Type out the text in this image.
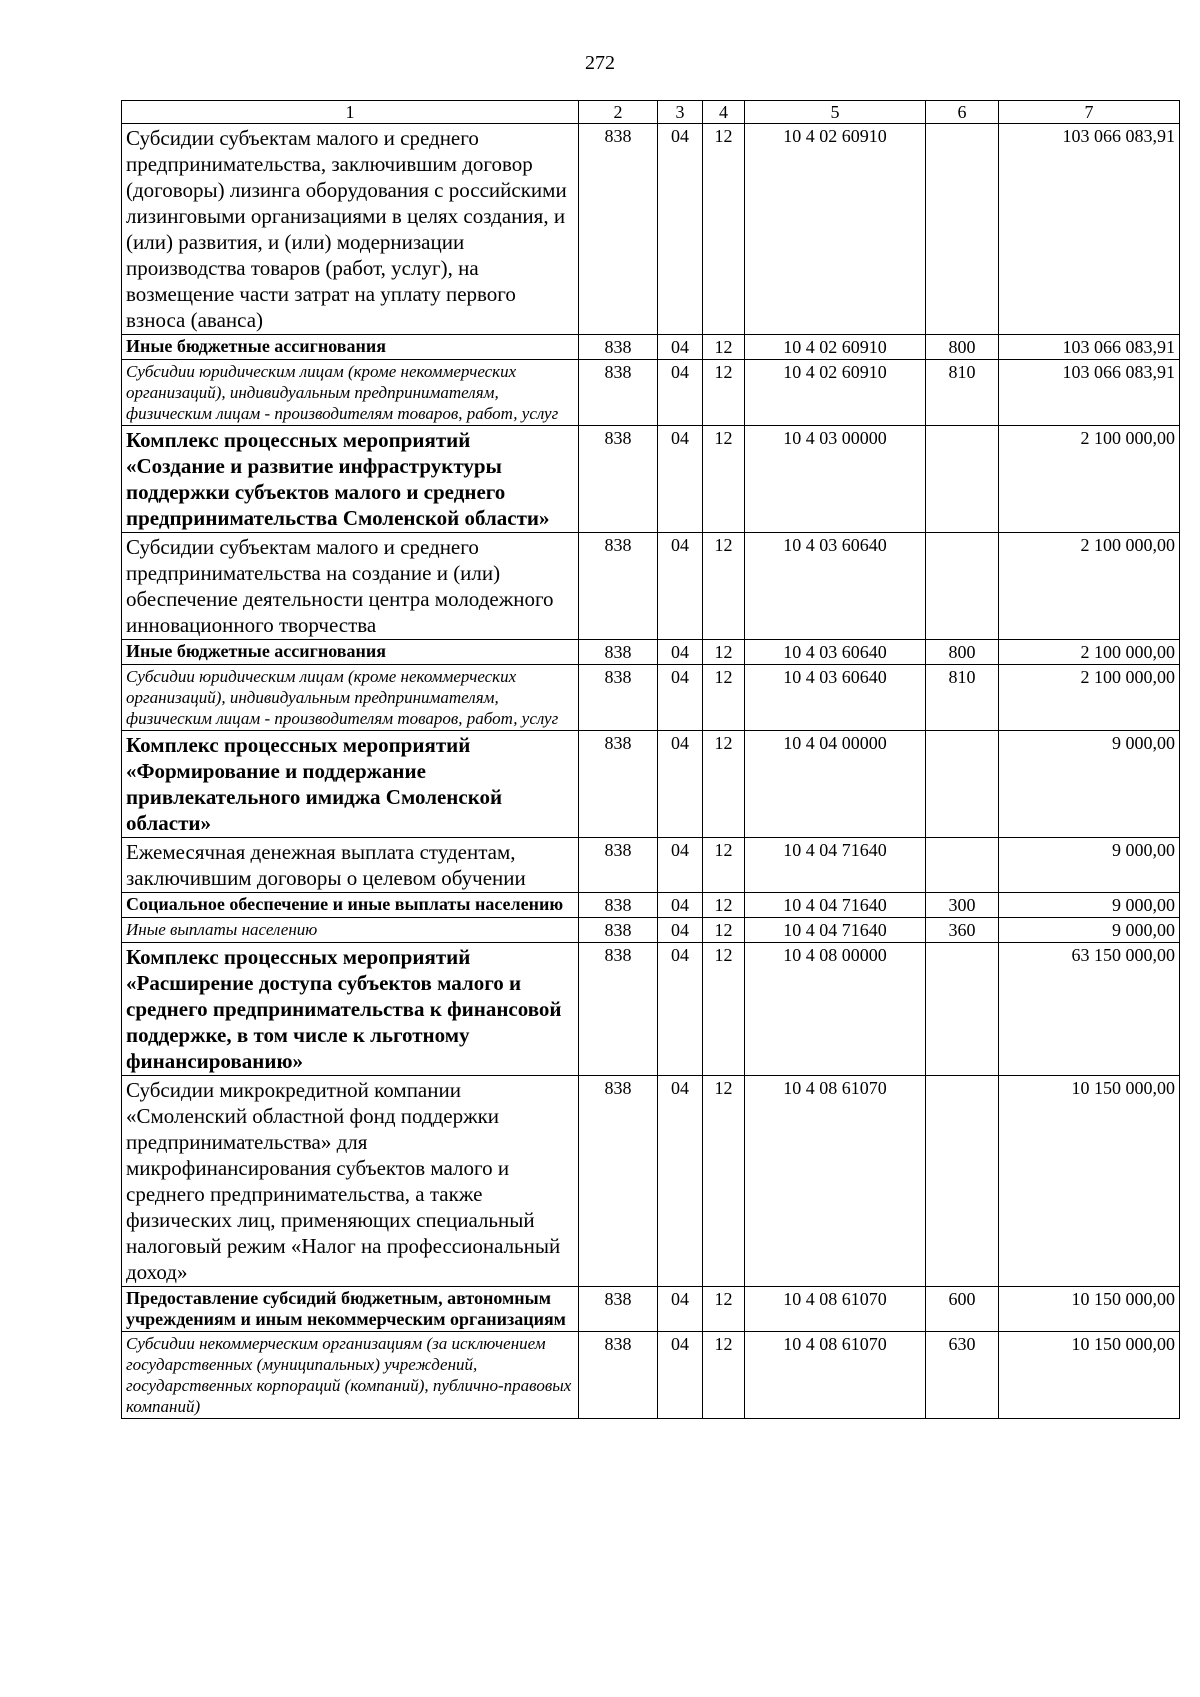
272
1	2	3	4	5	6	7
Субсидии субъектам малого и среднего предпринимательства, заключившим договор (договоры) лизинга оборудования с российскими лизинговыми организациями в целях создания, и (или) развития, и (или) модернизации производства товаров (работ, услуг), на возмещение части затрат на уплату первого взноса (аванса)	838	04	12	10 4 02 60910		103 066 083,91
Иные бюджетные ассигнования	838	04	12	10 4 02 60910	800	103 066 083,91
Субсидии юридическим лицам (кроме некоммерческих организаций), индивидуальным предпринимателям, физическим лицам - производителям товаров, работ, услуг	838	04	12	10 4 02 60910	810	103 066 083,91
Комплекс процессных мероприятий «Создание и развитие инфраструктуры поддержки субъектов малого и среднего предпринимательства Смоленской области»	838	04	12	10 4 03 00000		2 100 000,00
Субсидии субъектам малого и среднего предпринимательства на создание и (или) обеспечение деятельности центра молодежного инновационного творчества	838	04	12	10 4 03 60640		2 100 000,00
Иные бюджетные ассигнования	838	04	12	10 4 03 60640	800	2 100 000,00
Субсидии юридическим лицам (кроме некоммерческих организаций), индивидуальным предпринимателям, физическим лицам - производителям товаров, работ, услуг	838	04	12	10 4 03 60640	810	2 100 000,00
Комплекс процессных мероприятий «Формирование и поддержание привлекательного имиджа Смоленской области»	838	04	12	10 4 04 00000		9 000,00
Ежемесячная денежная выплата студентам, заключившим договоры о целевом обучении	838	04	12	10 4 04 71640		9 000,00
Социальное обеспечение и иные выплаты населению	838	04	12	10 4 04 71640	300	9 000,00
Иные выплаты населению	838	04	12	10 4 04 71640	360	9 000,00
Комплекс процессных мероприятий «Расширение доступа субъектов малого и среднего предпринимательства к финансовой поддержке, в том числе к льготному финансированию»	838	04	12	10 4 08 00000		63 150 000,00
Субсидии микрокредитной компании «Смоленский областной фонд поддержки предпринимательства» для микрофинансирования субъектов малого и среднего предпринимательства, а также физических лиц, применяющих специальный налоговый режим «Налог на профессиональный доход»	838	04	12	10 4 08 61070		10 150 000,00
Предоставление субсидий бюджетным, автономным учреждениям и иным некоммерческим организациям	838	04	12	10 4 08 61070	600	10 150 000,00
Субсидии некоммерческим организациям (за исключением государственных (муниципальных) учреждений, государственных корпораций (компаний), публично-правовых компаний)	838	04	12	10 4 08 61070	630	10 150 000,00
